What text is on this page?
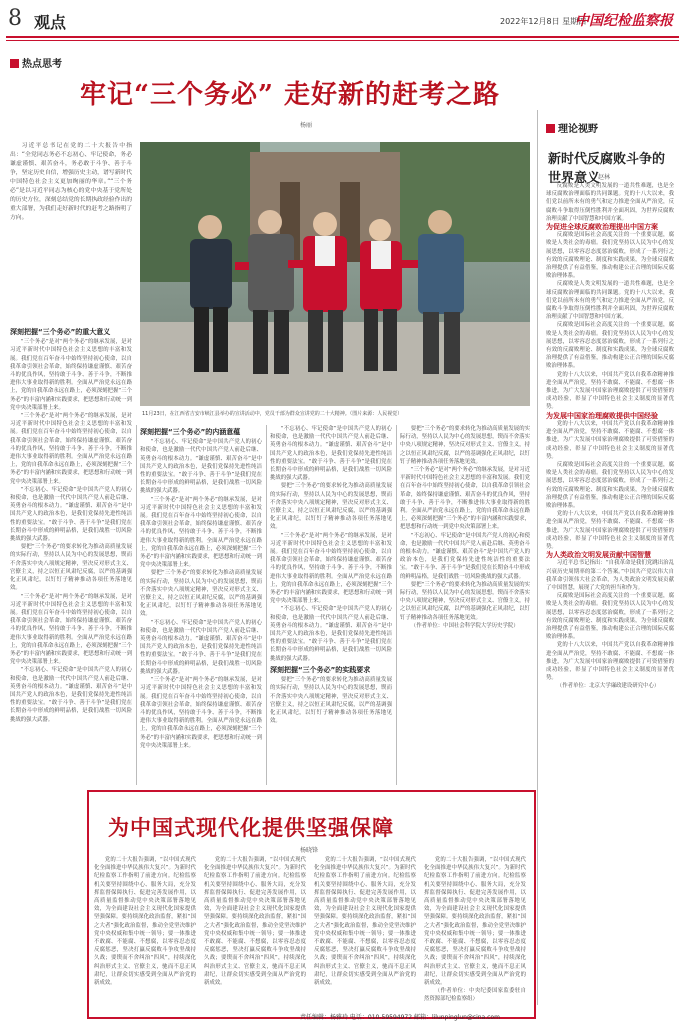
8 观点	2022年12月8日 星期四
中国纪检监察报
热点思考
牢记“三个务必” 走好新的赶考之路
杨丽

习近平总书记在党的二十大报告中指出：“全党同志务必不忘初心、牢记使命，务必谦虚谨慎、艰苦奋斗，务必敢于斗争、善于斗争，坚定历史自信，增强历史主动，谱写新时代中国特色社会主义更加绚丽的华章。”“三个务必”是以习近平同志为核心的党中央基于党所处的历史方位，深刻总结党的长期执政经验作出的重大部署，为我们走好新时代的赶考之路指明了方向。

11月23日，在江西省吉安市峡江县举办的宣讲活动中，党员干部为群众宣讲党的二十大精神。（图片来源：人民视觉）
深刻把握“三个务必”的重大意义

“三个务必”是对“两个务必”的继承发展，是对习近平新时代中国特色社会主义思想的丰富和发展。我们党在百年奋斗中始终坚持初心使命，以自我革命引领社会革命，始终保持谦虚谨慎、艰苦奋斗的优良作风，坚持敢于斗争、善于斗争，不断推进伟大事业取得新的胜利。全面从严治党永远在路上，党的自我革命永远在路上，必须深刻把握“三个务必”的丰富内涵和实践要求，把思想和行动统一到党中央决策部署上来。

“三个务必”是对“两个务必”的继承发展，是对习近平新时代中国特色社会主义思想的丰富和发展。我们党在百年奋斗中始终坚持初心使命，以自我革命引领社会革命，始终保持谦虚谨慎、艰苦奋斗的优良作风，坚持敢于斗争、善于斗争，不断推进伟大事业取得新的胜利。全面从严治党永远在路上，党的自我革命永远在路上，必须深刻把握“三个务必”的丰富内涵和实践要求，把思想和行动统一到党中央决策部署上来。

“不忘初心、牢记使命”是中国共产党人的初心和使命，也是激励一代代中国共产党人前赴后继、英勇奋斗的根本动力。“谦虚谨慎、艰苦奋斗”是中国共产党人的政治本色，是我们党保持先进性纯洁性的重要法宝。“敢于斗争、善于斗争”是我们党在长期奋斗中形成的鲜明品格，是我们战胜一切风险挑战的强大武器。

要把“三个务必”的要求转化为推动高质量发展的实际行动，坚持以人民为中心的发展思想，锲而不舍落实中央八项规定精神，坚决反对形式主义、官僚主义，持之以恒正风肃纪反腐，以严的基调强化正风肃纪，以钉钉子精神推动各项任务落地见效。

“三个务必”是对“两个务必”的继承发展，是对习近平新时代中国特色社会主义思想的丰富和发展。我们党在百年奋斗中始终坚持初心使命，以自我革命引领社会革命，始终保持谦虚谨慎、艰苦奋斗的优良作风，坚持敢于斗争、善于斗争，不断推进伟大事业取得新的胜利。全面从严治党永远在路上，党的自我革命永远在路上，必须深刻把握“三个务必”的丰富内涵和实践要求，把思想和行动统一到党中央决策部署上来。

“不忘初心、牢记使命”是中国共产党人的初心和使命，也是激励一代代中国共产党人前赴后继、英勇奋斗的根本动力。“谦虚谨慎、艰苦奋斗”是中国共产党人的政治本色，是我们党保持先进性纯洁性的重要法宝。“敢于斗争、善于斗争”是我们党在长期奋斗中形成的鲜明品格，是我们战胜一切风险挑战的强大武器。

深刻把握“三个务必”的内涵意蕴

“不忘初心、牢记使命”是中国共产党人的初心和使命，也是激励一代代中国共产党人前赴后继、英勇奋斗的根本动力。“谦虚谨慎、艰苦奋斗”是中国共产党人的政治本色，是我们党保持先进性纯洁性的重要法宝。“敢于斗争、善于斗争”是我们党在长期奋斗中形成的鲜明品格，是我们战胜一切风险挑战的强大武器。

“三个务必”是对“两个务必”的继承发展，是对习近平新时代中国特色社会主义思想的丰富和发展。我们党在百年奋斗中始终坚持初心使命，以自我革命引领社会革命，始终保持谦虚谨慎、艰苦奋斗的优良作风，坚持敢于斗争、善于斗争，不断推进伟大事业取得新的胜利。全面从严治党永远在路上，党的自我革命永远在路上，必须深刻把握“三个务必”的丰富内涵和实践要求，把思想和行动统一到党中央决策部署上来。

要把“三个务必”的要求转化为推动高质量发展的实际行动，坚持以人民为中心的发展思想，锲而不舍落实中央八项规定精神，坚决反对形式主义、官僚主义，持之以恒正风肃纪反腐，以严的基调强化正风肃纪，以钉钉子精神推动各项任务落地见效。

“不忘初心、牢记使命”是中国共产党人的初心和使命，也是激励一代代中国共产党人前赴后继、英勇奋斗的根本动力。“谦虚谨慎、艰苦奋斗”是中国共产党人的政治本色，是我们党保持先进性纯洁性的重要法宝。“敢于斗争、善于斗争”是我们党在长期奋斗中形成的鲜明品格，是我们战胜一切风险挑战的强大武器。

“三个务必”是对“两个务必”的继承发展，是对习近平新时代中国特色社会主义思想的丰富和发展。我们党在百年奋斗中始终坚持初心使命，以自我革命引领社会革命，始终保持谦虚谨慎、艰苦奋斗的优良作风，坚持敢于斗争、善于斗争，不断推进伟大事业取得新的胜利。全面从严治党永远在路上，党的自我革命永远在路上，必须深刻把握“三个务必”的丰富内涵和实践要求，把思想和行动统一到党中央决策部署上来。

“不忘初心、牢记使命”是中国共产党人的初心和使命，也是激励一代代中国共产党人前赴后继、英勇奋斗的根本动力。“谦虚谨慎、艰苦奋斗”是中国共产党人的政治本色，是我们党保持先进性纯洁性的重要法宝。“敢于斗争、善于斗争”是我们党在长期奋斗中形成的鲜明品格，是我们战胜一切风险挑战的强大武器。

要把“三个务必”的要求转化为推动高质量发展的实际行动，坚持以人民为中心的发展思想，锲而不舍落实中央八项规定精神，坚决反对形式主义、官僚主义，持之以恒正风肃纪反腐，以严的基调强化正风肃纪，以钉钉子精神推动各项任务落地见效。

“三个务必”是对“两个务必”的继承发展，是对习近平新时代中国特色社会主义思想的丰富和发展。我们党在百年奋斗中始终坚持初心使命，以自我革命引领社会革命，始终保持谦虚谨慎、艰苦奋斗的优良作风，坚持敢于斗争、善于斗争，不断推进伟大事业取得新的胜利。全面从严治党永远在路上，党的自我革命永远在路上，必须深刻把握“三个务必”的丰富内涵和实践要求，把思想和行动统一到党中央决策部署上来。

“不忘初心、牢记使命”是中国共产党人的初心和使命，也是激励一代代中国共产党人前赴后继、英勇奋斗的根本动力。“谦虚谨慎、艰苦奋斗”是中国共产党人的政治本色，是我们党保持先进性纯洁性的重要法宝。“敢于斗争、善于斗争”是我们党在长期奋斗中形成的鲜明品格，是我们战胜一切风险挑战的强大武器。

深刻把握“三个务必”的实践要求

要把“三个务必”的要求转化为推动高质量发展的实际行动，坚持以人民为中心的发展思想，锲而不舍落实中央八项规定精神，坚决反对形式主义、官僚主义，持之以恒正风肃纪反腐，以严的基调强化正风肃纪，以钉钉子精神推动各项任务落地见效。

要把“三个务必”的要求转化为推动高质量发展的实际行动，坚持以人民为中心的发展思想，锲而不舍落实中央八项规定精神，坚决反对形式主义、官僚主义，持之以恒正风肃纪反腐，以严的基调强化正风肃纪，以钉钉子精神推动各项任务落地见效。

“三个务必”是对“两个务必”的继承发展，是对习近平新时代中国特色社会主义思想的丰富和发展。我们党在百年奋斗中始终坚持初心使命，以自我革命引领社会革命，始终保持谦虚谨慎、艰苦奋斗的优良作风，坚持敢于斗争、善于斗争，不断推进伟大事业取得新的胜利。全面从严治党永远在路上，党的自我革命永远在路上，必须深刻把握“三个务必”的丰富内涵和实践要求，把思想和行动统一到党中央决策部署上来。

“不忘初心、牢记使命”是中国共产党人的初心和使命，也是激励一代代中国共产党人前赴后继、英勇奋斗的根本动力。“谦虚谨慎、艰苦奋斗”是中国共产党人的政治本色，是我们党保持先进性纯洁性的重要法宝。“敢于斗争、善于斗争”是我们党在长期奋斗中形成的鲜明品格，是我们战胜一切风险挑战的强大武器。

要把“三个务必”的要求转化为推动高质量发展的实际行动，坚持以人民为中心的发展思想，锲而不舍落实中央八项规定精神，坚决反对形式主义、官僚主义，持之以恒正风肃纪反腐，以严的基调强化正风肃纪，以钉钉子精神推动各项任务落地见效。

（作者单位：中国社会科学院大学历史学院）

理论视野
新时代反腐败斗争的世界意义
赵林

反腐败是人类文明发展的一道共性难题，也是全球反腐败治理面临的共同课题。党的十八大以来，我们党以前所未有的勇气和定力推进全面从严治党，反腐败斗争取得压倒性胜利并全面巩固，为世界反腐败治理贡献了中国智慧和中国方案。

为促进全球反腐败治理提出中国方案

反腐败是国际社会高度关注的一个重要议题，腐败是人类社会的毒瘤。我们党坚持以人民为中心的发展思想，以零容忍态度惩治腐败，形成了一系列行之有效的反腐败理论、制度和实践成果，为全球反腐败治理提供了有益借鉴，推动构建公正合理的国际反腐败治理体系。

反腐败是人类文明发展的一道共性难题，也是全球反腐败治理面临的共同课题。党的十八大以来，我们党以前所未有的勇气和定力推进全面从严治党，反腐败斗争取得压倒性胜利并全面巩固，为世界反腐败治理贡献了中国智慧和中国方案。

反腐败是国际社会高度关注的一个重要议题，腐败是人类社会的毒瘤。我们党坚持以人民为中心的发展思想，以零容忍态度惩治腐败，形成了一系列行之有效的反腐败理论、制度和实践成果，为全球反腐败治理提供了有益借鉴，推动构建公正合理的国际反腐败治理体系。

党的十八大以来，中国共产党以自我革命精神推进全面从严治党，坚持不敢腐、不能腐、不想腐一体推进，为广大发展中国家治理腐败提供了可资借鉴的成功经验，彰显了中国特色社会主义制度的显著优势。

为发展中国家治理腐败提供中国经验

党的十八大以来，中国共产党以自我革命精神推进全面从严治党，坚持不敢腐、不能腐、不想腐一体推进，为广大发展中国家治理腐败提供了可资借鉴的成功经验，彰显了中国特色社会主义制度的显著优势。

反腐败是国际社会高度关注的一个重要议题，腐败是人类社会的毒瘤。我们党坚持以人民为中心的发展思想，以零容忍态度惩治腐败，形成了一系列行之有效的反腐败理论、制度和实践成果，为全球反腐败治理提供了有益借鉴，推动构建公正合理的国际反腐败治理体系。

党的十八大以来，中国共产党以自我革命精神推进全面从严治党，坚持不敢腐、不能腐、不想腐一体推进，为广大发展中国家治理腐败提供了可资借鉴的成功经验，彰显了中国特色社会主义制度的显著优势。

为人类政治文明发展贡献中国智慧

习近平总书记指出：“自我革命是我们党跳出治乱兴衰历史周期率的第二个答案。”中国共产党以伟大自我革命引领伟大社会革命，为人类政治文明发展贡献了中国智慧，展现了大党的担当和作为。

反腐败是国际社会高度关注的一个重要议题，腐败是人类社会的毒瘤。我们党坚持以人民为中心的发展思想，以零容忍态度惩治腐败，形成了一系列行之有效的反腐败理论、制度和实践成果，为全球反腐败治理提供了有益借鉴，推动构建公正合理的国际反腐败治理体系。

党的十八大以来，中国共产党以自我革命精神推进全面从严治党，坚持不敢腐、不能腐、不想腐一体推进，为广大发展中国家治理腐败提供了可资借鉴的成功经验，彰显了中国特色社会主义制度的显著优势。

（作者单位：北京大学廉政建设研究中心）

为中国式现代化提供坚强保障
杨晓锋

党的二十大报告强调，“以中国式现代化全面推进中华民族伟大复兴”。为新时代纪检监察工作指明了前进方向。纪检监察机关要坚持围绕中心、服务大局，充分发挥监督保障执行、促进完善发展作用，以高质量监督推动党中央决策部署落地见效，为全面建设社会主义现代化国家提供坚强保障。要持续深化政治监督，紧扣“国之大者”强化政治监督，推动全党坚决维护党中央权威和集中统一领导；要一体推进不敢腐、不能腐、不想腐，以零容忍态度反腐惩恶，坚决打赢反腐败斗争攻坚战持久战；要锲而不舍纠治“四风”，持续深化纠治形式主义、官僚主义，驰而不息正风肃纪，让群众切实感受到全面从严治党的新成效。

党的二十大报告强调，“以中国式现代化全面推进中华民族伟大复兴”。为新时代纪检监察工作指明了前进方向。纪检监察机关要坚持围绕中心、服务大局，充分发挥监督保障执行、促进完善发展作用，以高质量监督推动党中央决策部署落地见效，为全面建设社会主义现代化国家提供坚强保障。要持续深化政治监督，紧扣“国之大者”强化政治监督，推动全党坚决维护党中央权威和集中统一领导；要一体推进不敢腐、不能腐、不想腐，以零容忍态度反腐惩恶，坚决打赢反腐败斗争攻坚战持久战；要锲而不舍纠治“四风”，持续深化纠治形式主义、官僚主义，驰而不息正风肃纪，让群众切实感受到全面从严治党的新成效。

党的二十大报告强调，“以中国式现代化全面推进中华民族伟大复兴”。为新时代纪检监察工作指明了前进方向。纪检监察机关要坚持围绕中心、服务大局，充分发挥监督保障执行、促进完善发展作用，以高质量监督推动党中央决策部署落地见效，为全面建设社会主义现代化国家提供坚强保障。要持续深化政治监督，紧扣“国之大者”强化政治监督，推动全党坚决维护党中央权威和集中统一领导；要一体推进不敢腐、不能腐、不想腐，以零容忍态度反腐惩恶，坚决打赢反腐败斗争攻坚战持久战；要锲而不舍纠治“四风”，持续深化纠治形式主义、官僚主义，驰而不息正风肃纪，让群众切实感受到全面从严治党的新成效。

党的二十大报告强调，“以中国式现代化全面推进中华民族伟大复兴”。为新时代纪检监察工作指明了前进方向。纪检监察机关要坚持围绕中心、服务大局，充分发挥监督保障执行、促进完善发展作用，以高质量监督推动党中央决策部署落地见效，为全面建设社会主义现代化国家提供坚强保障。要持续深化政治监督，紧扣“国之大者”强化政治监督，推动全党坚决维护党中央权威和集中统一领导；要一体推进不敢腐、不能腐、不想腐，以零容忍态度反腐惩恶，坚决打赢反腐败斗争攻坚战持久战；要锲而不舍纠治“四风”，持续深化纠治形式主义、官僚主义，驰而不息正风肃纪，让群众切实感受到全面从严治党的新成效。

（作者单位：中央纪委国家监委驻自然资源部纪检监察组）

责任编辑：杨雅玲 电话：010-59594972 邮箱：lilunpinglun@sina.com
